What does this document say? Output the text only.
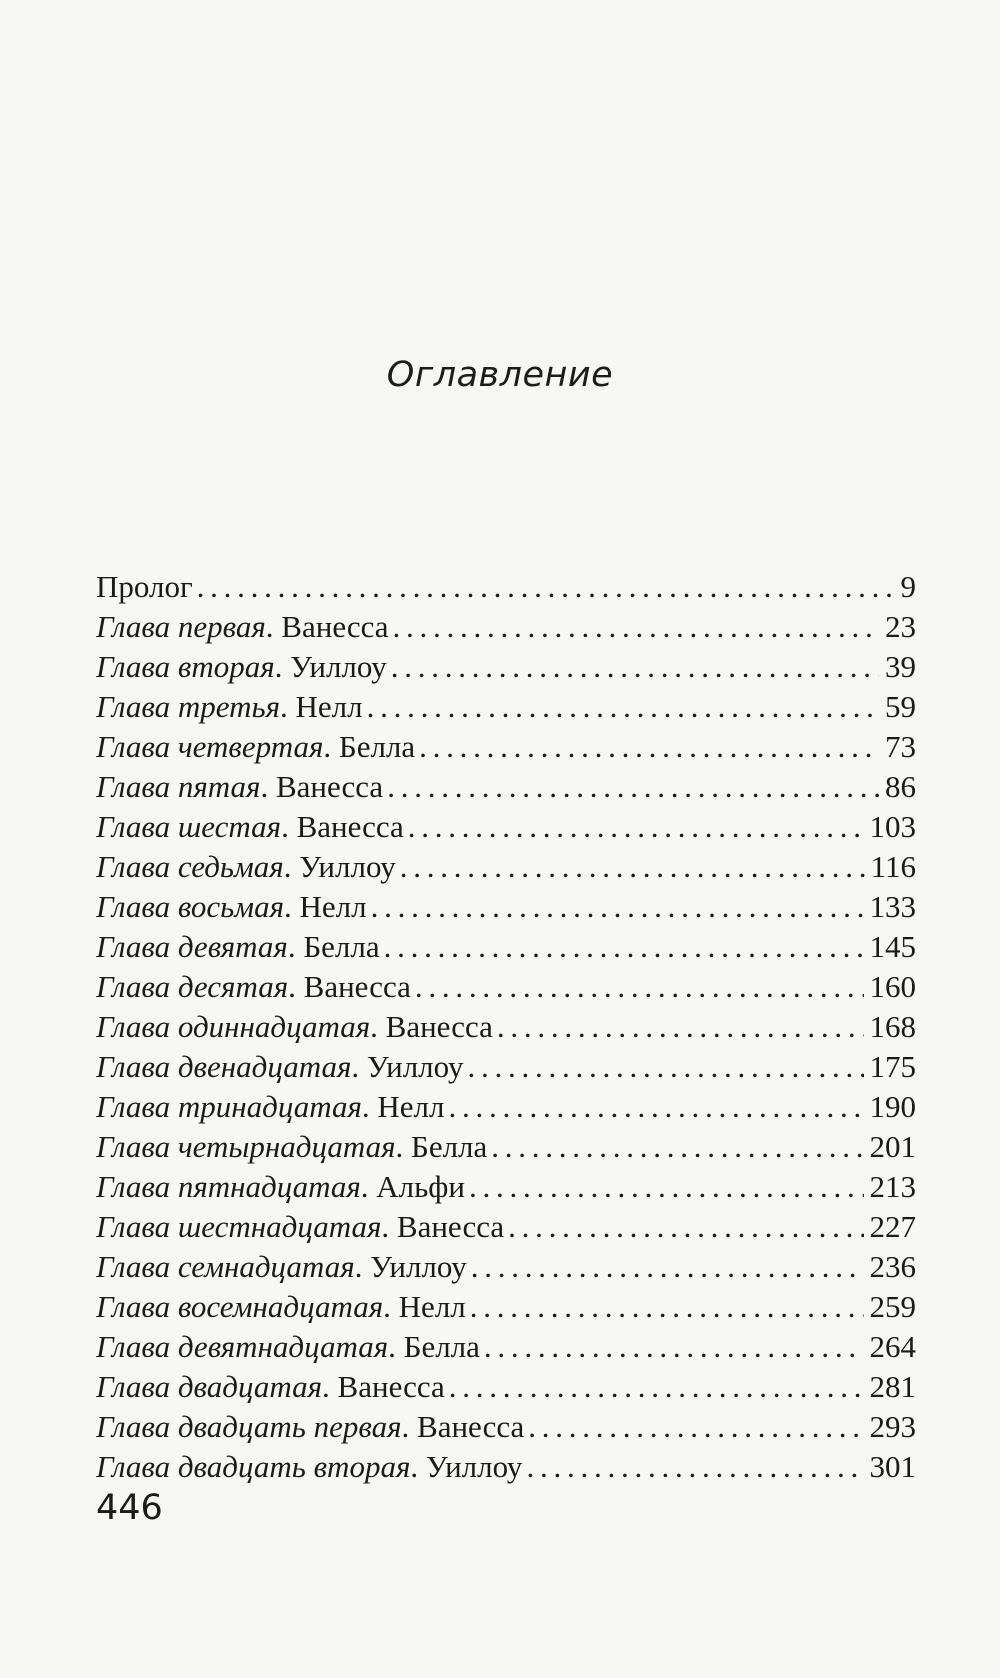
Оглавление
Пролог . . .	9
Глава первая. Ванесса . . .	23
Глава вторая. Уиллоу . . .	39
Глава третья. Нелл . . .	59
Глава четвертая. Белла . . .	73
Глава пятая. Ванесса . . .	86
Глава шестая. Ванесса . . .	103
Глава седьмая. Уиллоу . . .	116
Глава восьмая. Нелл . . .	133
Глава девятая. Белла . . .	145
Глава десятая. Ванесса . . .	160
Глава одиннадцатая. Ванесса . . .	168
Глава двенадцатая. Уиллоу . . .	175
Глава тринадцатая. Нелл . . .	190
Глава четырнадцатая. Белла . . .	201
Глава пятнадцатая. Альфи . . .	213
Глава шестнадцатая. Ванесса . . .	227
Глава семнадцатая. Уиллоу . . .	236
Глава восемнадцатая. Нелл . . .	259
Глава девятнадцатая. Белла . . .	264
Глава двадцатая. Ванесса . . .	281
Глава двадцать первая. Ванесса . . .	293
Глава двадцать вторая. Уиллоу . . .	301
446
